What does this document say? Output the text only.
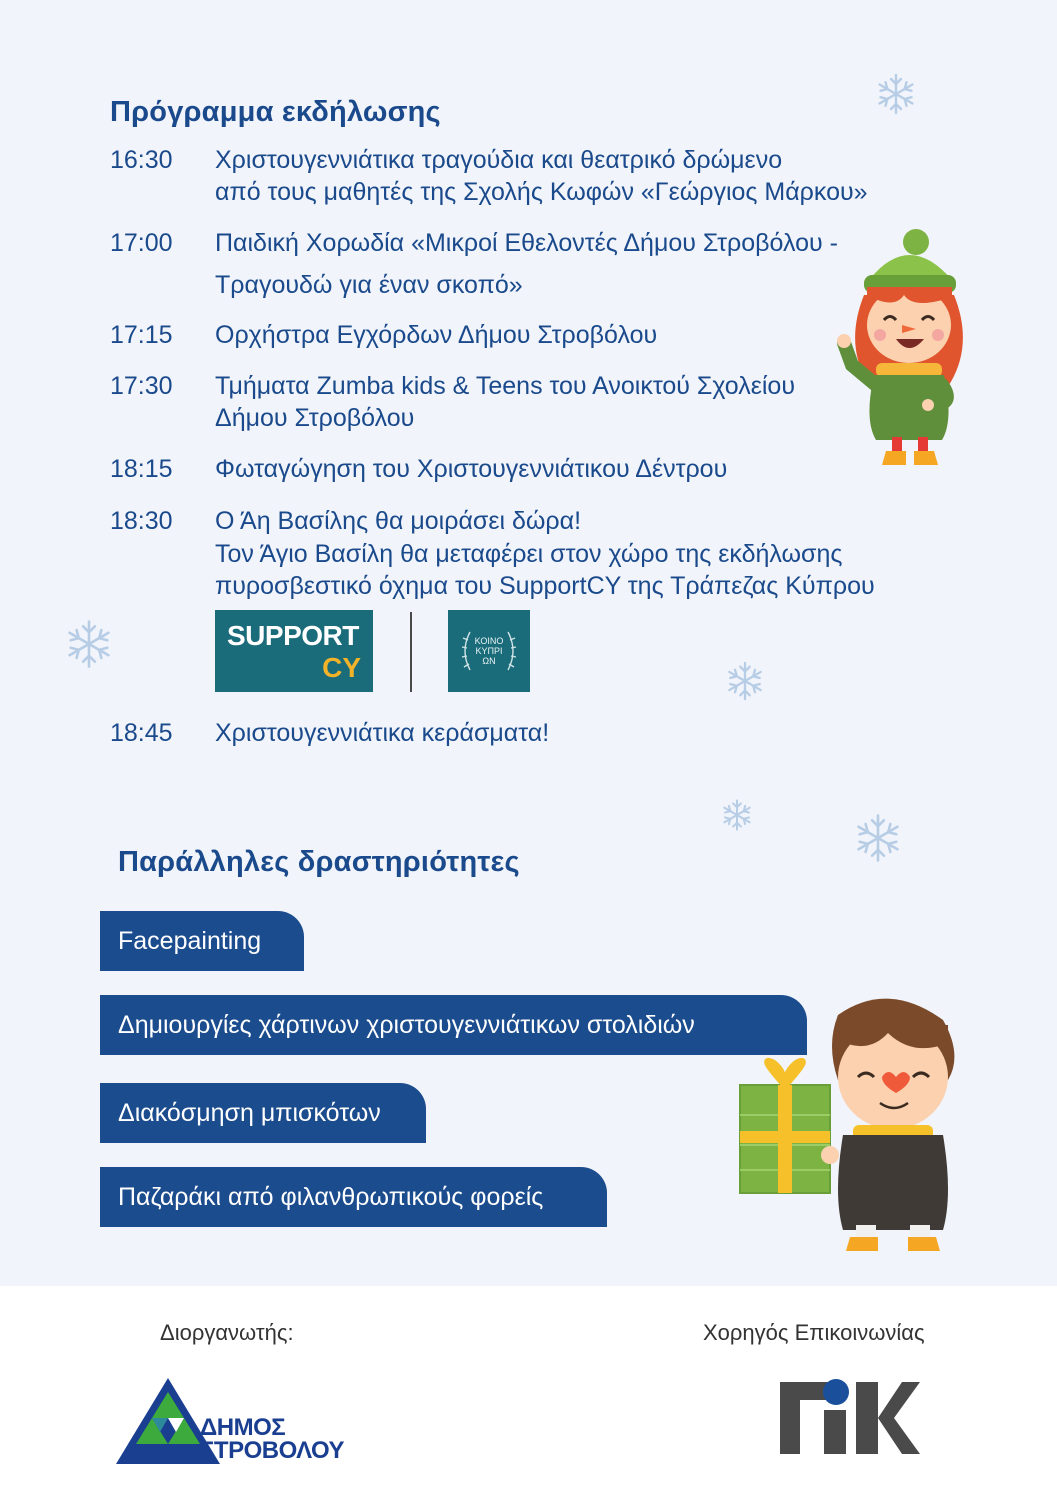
Πρόγραμμα εκδήλωσης
16:30 Χριστουγεννιάτικα τραγούδια και θεατρικό δρώμενο
από τους μαθητές της Σχολής Κωφών «Γεώργιος Μάρκου»
17:00 Παιδική Χορωδία «Μικροί Εθελοντές Δήμου Στροβόλου -
Τραγουδώ για έναν σκοπό»
17:15 Ορχήστρα Εγχόρδων Δήμου Στροβόλου
17:30 Τμήματα Zumba kids & Teens του Ανοικτού Σχολείου
Δήμου Στροβόλου
18:15 Φωταγώγηση του Χριστουγεννιάτικου Δέντρου
18:30 Ο Άη Βασίλης θα μοιράσει δώρα!
Τον Άγιο Βασίλη θα μεταφέρει στον χώρο της εκδήλωσης
πυροσβεστικό όχημα του SupportCY της Τράπεζας Κύπρου
SUPPORT
CY
ΚΟΙΝΟ
ΚΥΠΡΙ
ΩΝ
18:45 Χριστουγεννιάτικα κεράσματα!
Παράλληλες δραστηριότητες
Facepainting
Δημιουργίες χάρτινων χριστουγεννιάτικων στολιδιών
Διακόσμηση μπισκότων
Παζαράκι από φιλανθρωπικούς φορείς
Διοργανωτής:
ΔΗΜΟΣ
ΣΤΡΟΒΟΛΟΥ
Χορηγός Επικοινωνίας
